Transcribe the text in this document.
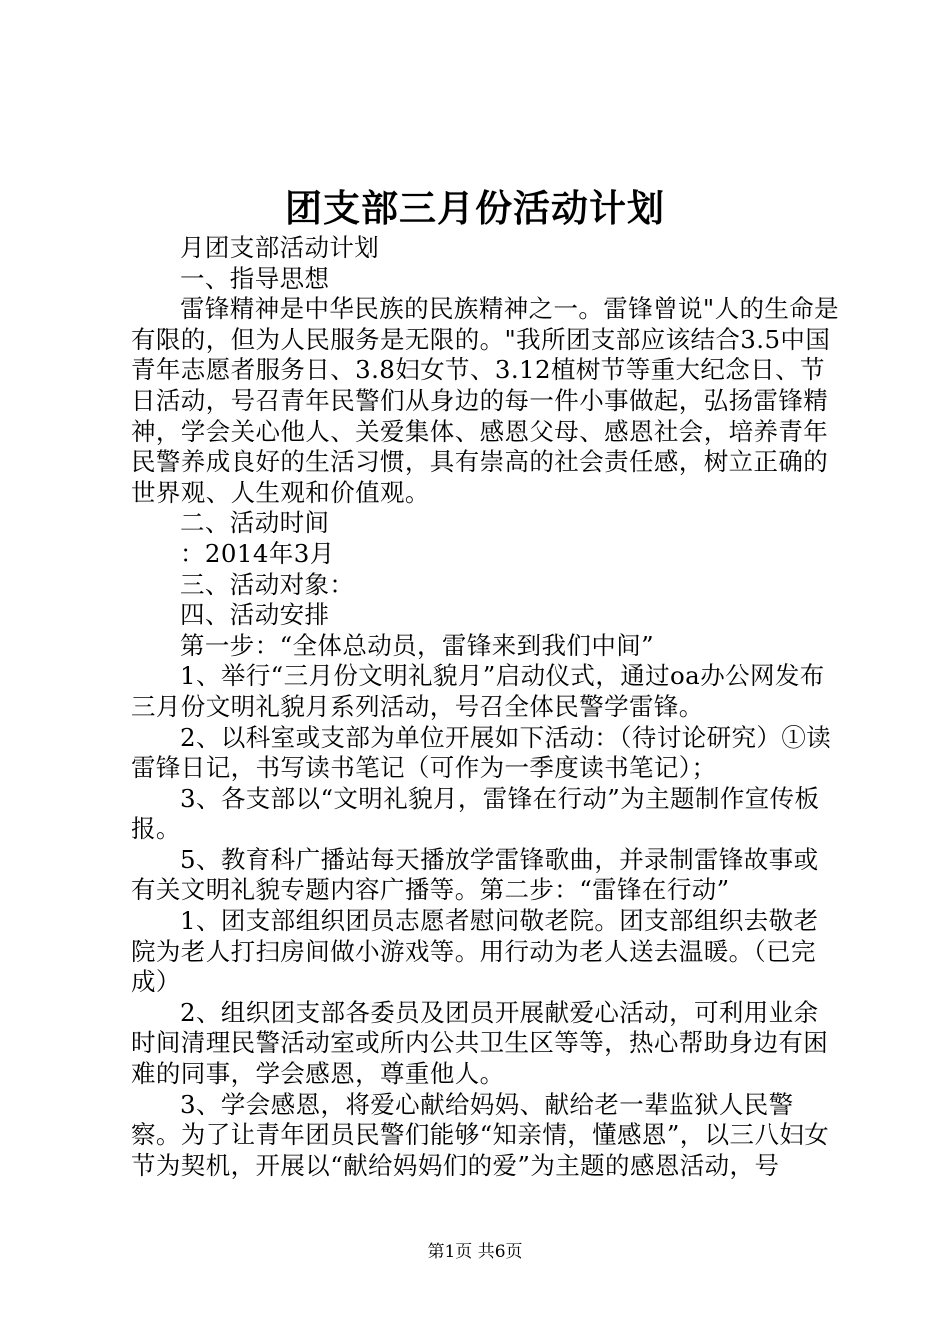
团支部三月份活动计划

月团支部活动计划

一、指导思想

雷锋精神是中华民族的民族精神之一。雷锋曾说"人的生命是有限的，但为人民服务是无限的。"我所团支部应该结合3.5中国青年志愿者服务日、3.8妇女节、3.12植树节等重大纪念日、节日活动，号召青年民警们从身边的每一件小事做起，弘扬雷锋精神，学会关心他人、关爱集体、感恩父母、感恩社会，培养青年民警养成良好的生活习惯，具有崇高的社会责任感，树立正确的世界观、人生观和价值观。

二、活动时间

：2014年3月

三、活动对象：

四、活动安排

第一步：“全体总动员，雷锋来到我们中间”

1、举行“三月份文明礼貌月”启动仪式，通过oa办公网发布三月份文明礼貌月系列活动，号召全体民警学雷锋。

2、以科室或支部为单位开展如下活动：（待讨论研究）①读雷锋日记，书写读书笔记（可作为一季度读书笔记）；

3、各支部以“文明礼貌月，雷锋在行动”为主题制作宣传板报。

5、教育科广播站每天播放学雷锋歌曲，并录制雷锋故事或有关文明礼貌专题内容广播等。第二步：“雷锋在行动”

1、团支部组织团员志愿者慰问敬老院。团支部组织去敬老院为老人打扫房间做小游戏等。用行动为老人送去温暖。（已完成）

2、组织团支部各委员及团员开展献爱心活动，可利用业余时间清理民警活动室或所内公共卫生区等等，热心帮助身边有困难的同事，学会感恩，尊重他人。

3、学会感恩，将爱心献给妈妈、献给老一辈监狱人民警察。为了让青年团员民警们能够“知亲情，懂感恩”，以三八妇女节为契机，开展以“献给妈妈们的爱”为主题的感恩活动，号

第1页 共6页
